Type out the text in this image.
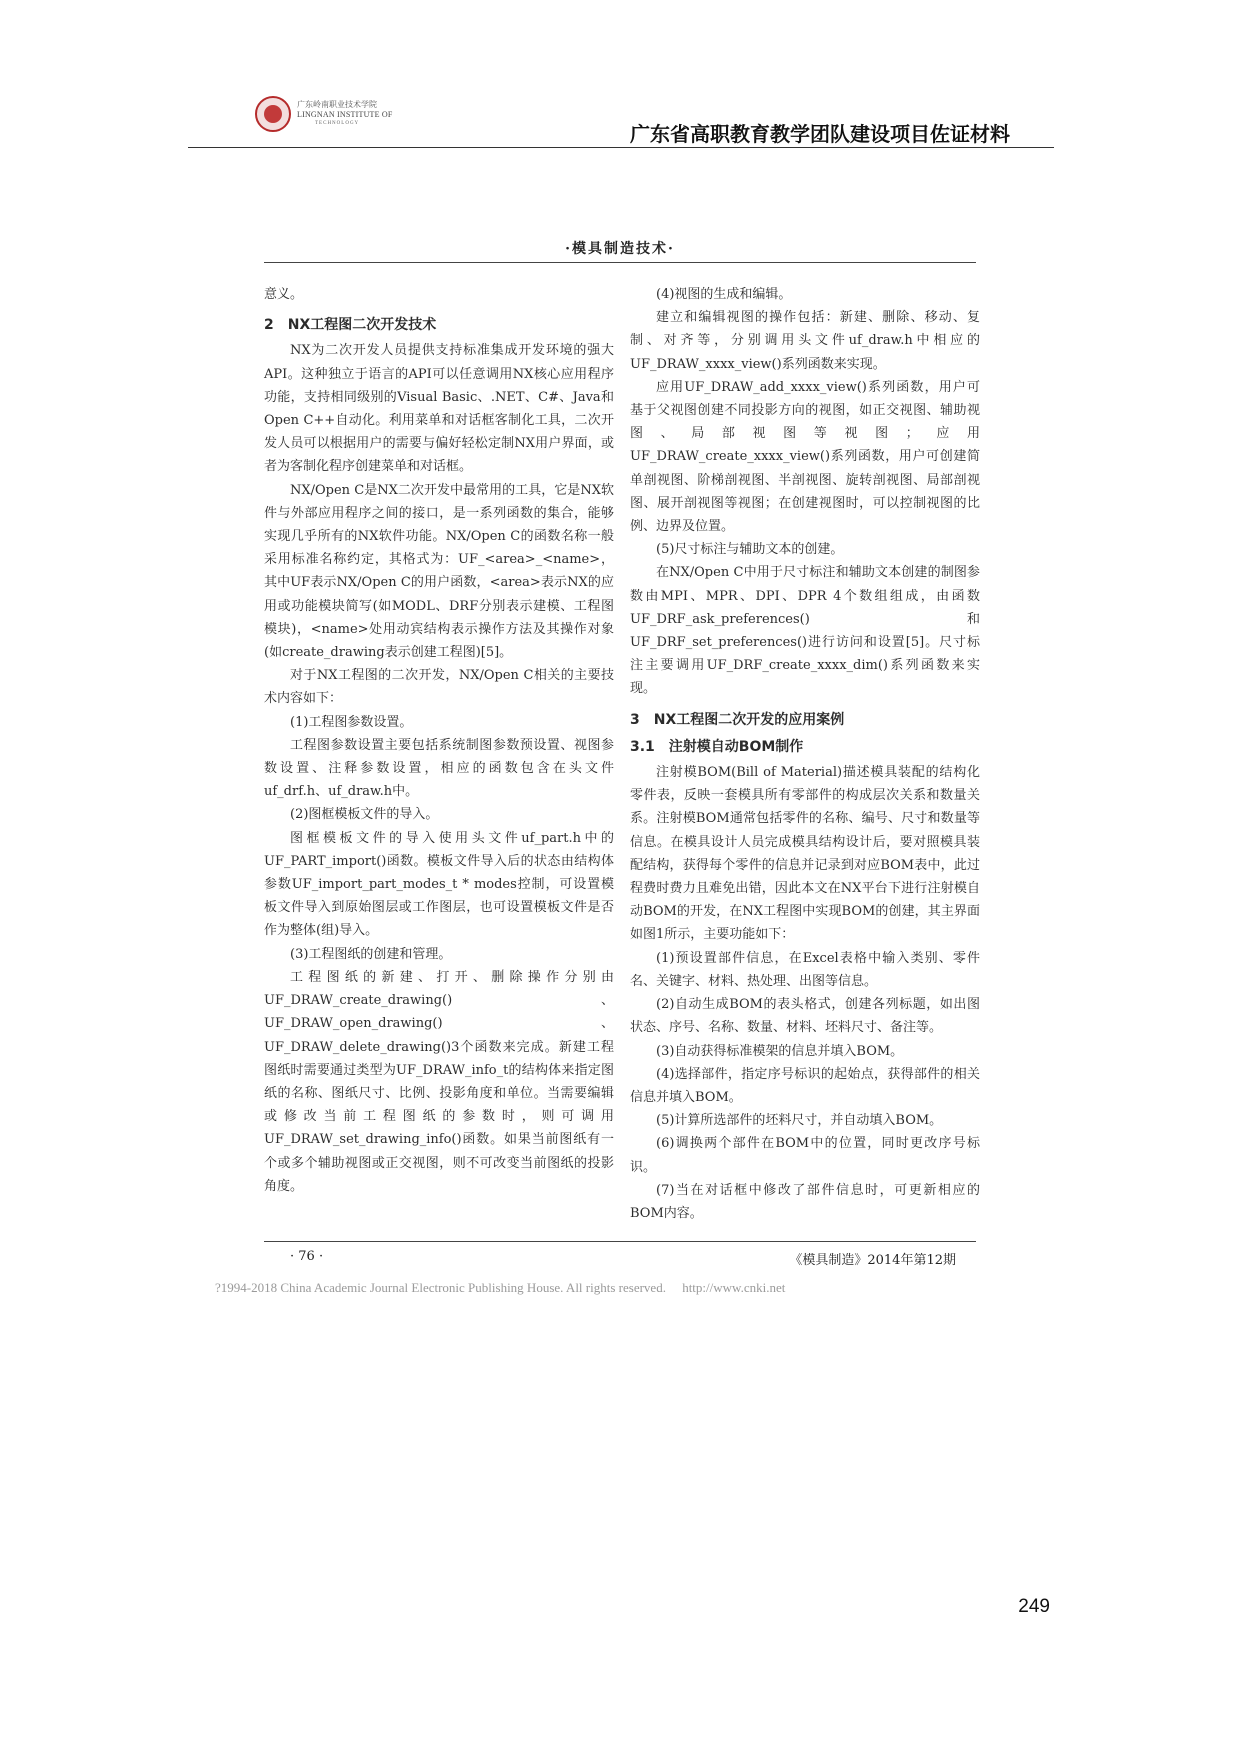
广东岭南职业技术学院
LINGNAN INSTITUTE OF
TECHNOLOGY	广东省高职教育教学团队建设项目佐证材料
·模具制造技术·

意义。

2　NX工程图二次开发技术

NX为二次开发人员提供支持标准集成开发环境的强大API。这种独立于语言的API可以任意调用NX核心应用程序功能，支持相同级别的Visual Basic、.NET、C#、Java和Open C++自动化。利用菜单和对话框客制化工具，二次开发人员可以根据用户的需要与偏好轻松定制NX用户界面，或者为客制化程序创建菜单和对话框。

NX/Open C是NX二次开发中最常用的工具，它是NX软件与外部应用程序之间的接口，是一系列函数的集合，能够实现几乎所有的NX软件功能。NX/Open C的函数名称一般采用标准名称约定，其格式为：UF_<area>_<name>，其中UF表示NX/Open C的用户函数，<area>表示NX的应用或功能模块简写(如MODL、DRF分别表示建模、工程图模块)，<name>处用动宾结构表示操作方法及其操作对象(如create_drawing表示创建工程图)[5]。

对于NX工程图的二次开发，NX/Open C相关的主要技术内容如下：

(1)工程图参数设置。

工程图参数设置主要包括系统制图参数预设置、视图参数设置、注释参数设置，相应的函数包含在头文件uf_drf.h、uf_draw.h中。

(2)图框模板文件的导入。

图框模板文件的导入使用头文件uf_part.h中的UF_PART_import()函数。模板文件导入后的状态由结构体参数UF_import_part_modes_t * modes控制，可设置模板文件导入到原始图层或工作图层，也可设置模板文件是否作为整体(组)导入。

(3)工程图纸的创建和管理。

工程图纸的新建、打开、删除操作分别由UF_DRAW_create_drawing()、UF_DRAW_open_drawing()、UF_DRAW_delete_drawing()3个函数来完成。新建工程图纸时需要通过类型为UF_DRAW_info_t的结构体来指定图纸的名称、图纸尺寸、比例、投影角度和单位。当需要编辑或修改当前工程图纸的参数时，则可调用UF_DRAW_set_drawing_info()函数。如果当前图纸有一个或多个辅助视图或正交视图，则不可改变当前图纸的投影角度。

(4)视图的生成和编辑。

建立和编辑视图的操作包括：新建、删除、移动、复制、对齐等，分别调用头文件uf_draw.h中相应的UF_DRAW_xxxx_view()系列函数来实现。

应用UF_DRAW_add_xxxx_view()系列函数，用户可基于父视图创建不同投影方向的视图，如正交视图、辅助视图、局部视图等视图；应用UF_DRAW_create_xxxx_view()系列函数，用户可创建简单剖视图、阶梯剖视图、半剖视图、旋转剖视图、局部剖视图、展开剖视图等视图；在创建视图时，可以控制视图的比例、边界及位置。

(5)尺寸标注与辅助文本的创建。

在NX/Open C中用于尺寸标注和辅助文本创建的制图参数由MPI、MPR、DPI、DPR 4个数组组成，由函数UF_DRF_ask_preferences()和UF_DRF_set_preferences()进行访问和设置[5]。尺寸标注主要调用UF_DRF_create_xxxx_dim()系列函数来实现。

3　NX工程图二次开发的应用案例

3.1　注射模自动BOM制作

注射模BOM(Bill of Material)描述模具装配的结构化零件表，反映一套模具所有零部件的构成层次关系和数量关系。注射模BOM通常包括零件的名称、编号、尺寸和数量等信息。在模具设计人员完成模具结构设计后，要对照模具装配结构，获得每个零件的信息并记录到对应BOM表中，此过程费时费力且难免出错，因此本文在NX平台下进行注射模自动BOM的开发，在NX工程图中实现BOM的创建，其主界面如图1所示，主要功能如下：

(1)预设置部件信息，在Excel表格中输入类别、零件名、关键字、材料、热处理、出图等信息。

(2)自动生成BOM的表头格式，创建各列标题，如出图状态、序号、名称、数量、材料、坯料尺寸、备注等。

(3)自动获得标准模架的信息并填入BOM。

(4)选择部件，指定序号标识的起始点，获得部件的相关信息并填入BOM。

(5)计算所选部件的坯料尺寸，并自动填入BOM。

(6)调换两个部件在BOM中的位置，同时更改序号标识。

(7)当在对话框中修改了部件信息时，可更新相应的BOM内容。

· 76 ·	《模具制造》2014年第12期
?1994-2018 China Academic Journal Electronic Publishing House. All rights reserved.　 http://www.cnki.net
249
